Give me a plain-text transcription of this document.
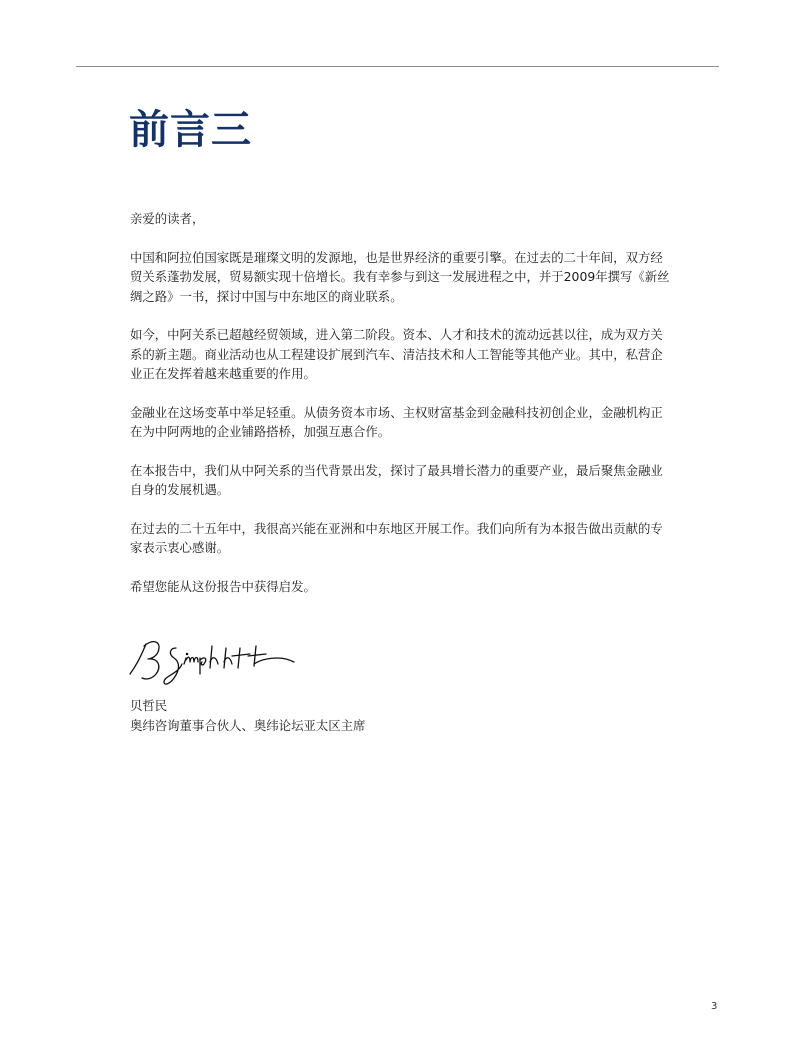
前言三

亲爱的读者，

中国和阿拉伯国家既是璀璨文明的发源地，也是世界经济的重要引擎。在过去的二十年间，双方经贸关系蓬勃发展，贸易额实现十倍增长。我有幸参与到这一发展进程之中，并于2009年撰写《新丝绸之路》一书，探讨中国与中东地区的商业联系。

如今，中阿关系已超越经贸领域，进入第二阶段。资本、人才和技术的流动远甚以往，成为双方关系的新主题。商业活动也从工程建设扩展到汽车、清洁技术和人工智能等其他产业。其中，私营企业正在发挥着越来越重要的作用。

金融业在这场变革中举足轻重。从债务资本市场、主权财富基金到金融科技初创企业，金融机构正在为中阿两地的企业铺路搭桥，加强互惠合作。

在本报告中，我们从中阿关系的当代背景出发，探讨了最具增长潜力的重要产业，最后聚焦金融业自身的发展机遇。

在过去的二十五年中，我很高兴能在亚洲和中东地区开展工作。我们向所有为本报告做出贡献的专家表示衷心感谢。

希望您能从这份报告中获得启发。

贝哲民
奥纬咨询董事合伙人、奥纬论坛亚太区主席
3
